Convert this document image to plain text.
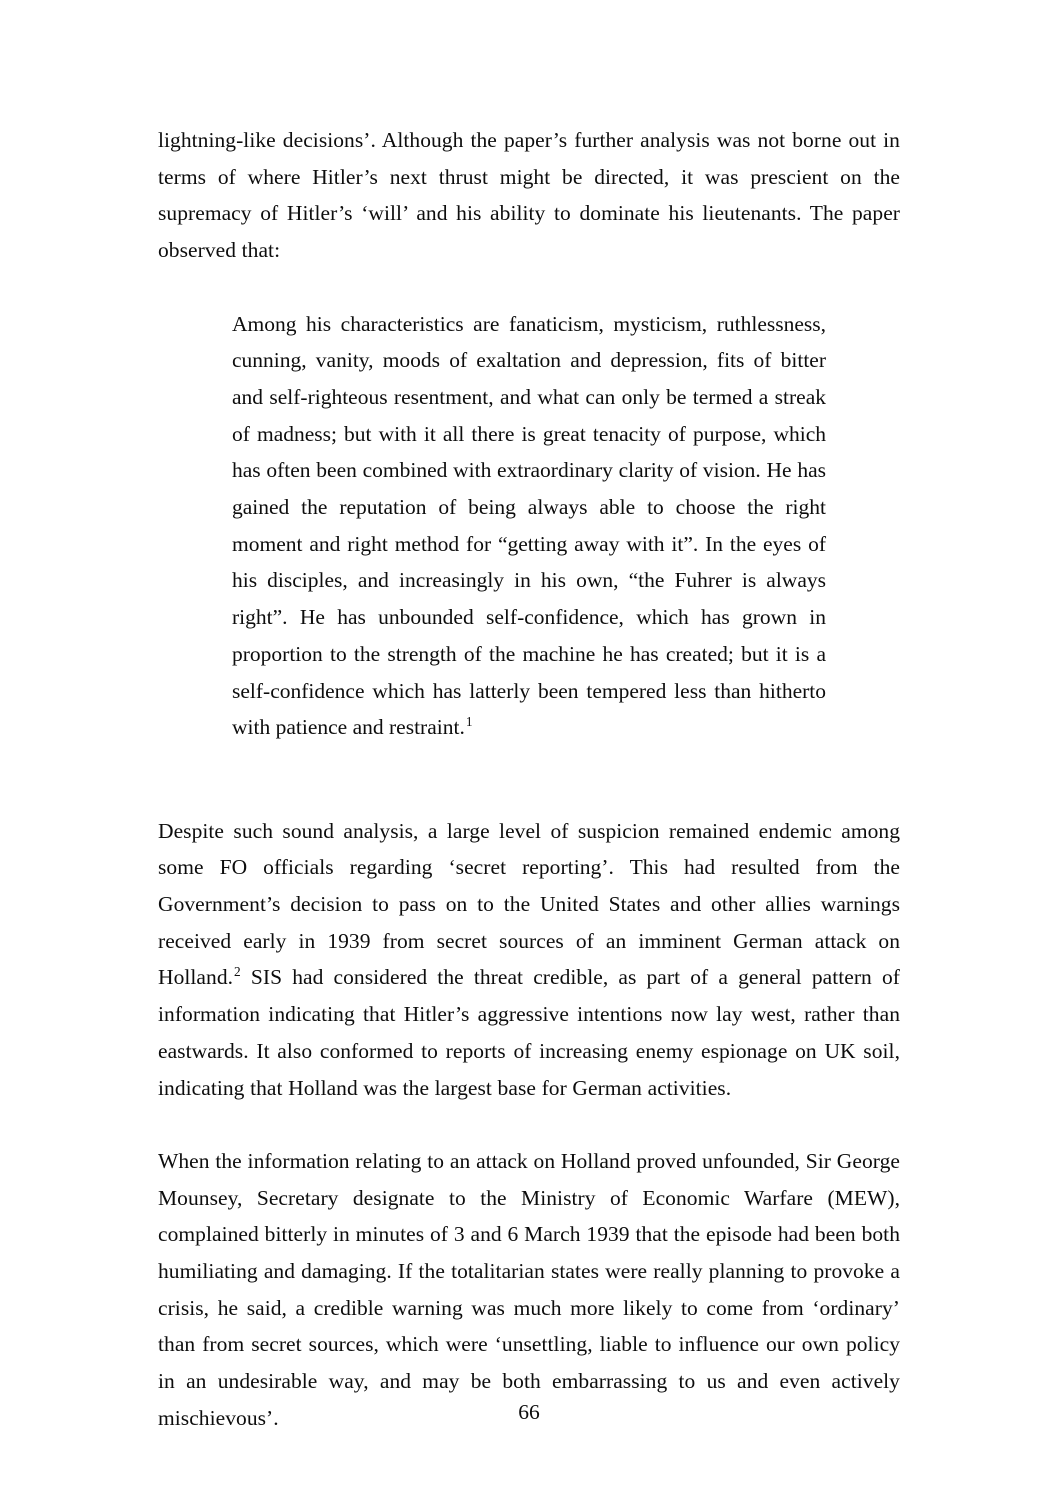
lightning-like decisions’. Although the paper’s further analysis was not borne out in terms of where Hitler’s next thrust might be directed, it was prescient on the supremacy of Hitler’s ‘will’ and his ability to dominate his lieutenants. The paper observed that:

Among his characteristics are fanaticism, mysticism, ruthlessness, cunning, vanity, moods of exaltation and depression, fits of bitter and self-righteous resentment, and what can only be termed a streak of madness; but with it all there is great tenacity of purpose, which has often been combined with extraordinary clarity of vision. He has gained the reputation of being always able to choose the right moment and right method for “getting away with it”. In the eyes of his disciples, and increasingly in his own, “the Fuhrer is always right”. He has unbounded self-confidence, which has grown in proportion to the strength of the machine he has created; but it is a self-confidence which has latterly been tempered less than hitherto with patience and restraint.$^1$

Despite such sound analysis, a large level of suspicion remained endemic among some FO officials regarding ‘secret reporting’. This had resulted from the Government’s decision to pass on to the United States and other allies warnings received early in 1939 from secret sources of an imminent German attack on Holland.$^2$ SIS had considered the threat credible, as part of a general pattern of information indicating that Hitler’s aggressive intentions now lay west, rather than eastwards. It also conformed to reports of increasing enemy espionage on UK soil, indicating that Holland was the largest base for German activities.

When the information relating to an attack on Holland proved unfounded, Sir George Mounsey, Secretary designate to the Ministry of Economic Warfare (MEW), complained bitterly in minutes of 3 and 6 March 1939 that the episode had been both humiliating and damaging. If the totalitarian states were really planning to provoke a crisis, he said, a credible warning was much more likely to come from ‘ordinary’ than from secret sources, which were ‘unsettling, liable to influence our own policy in an undesirable way, and may be both embarrassing to us and even actively mischievous’.	66
